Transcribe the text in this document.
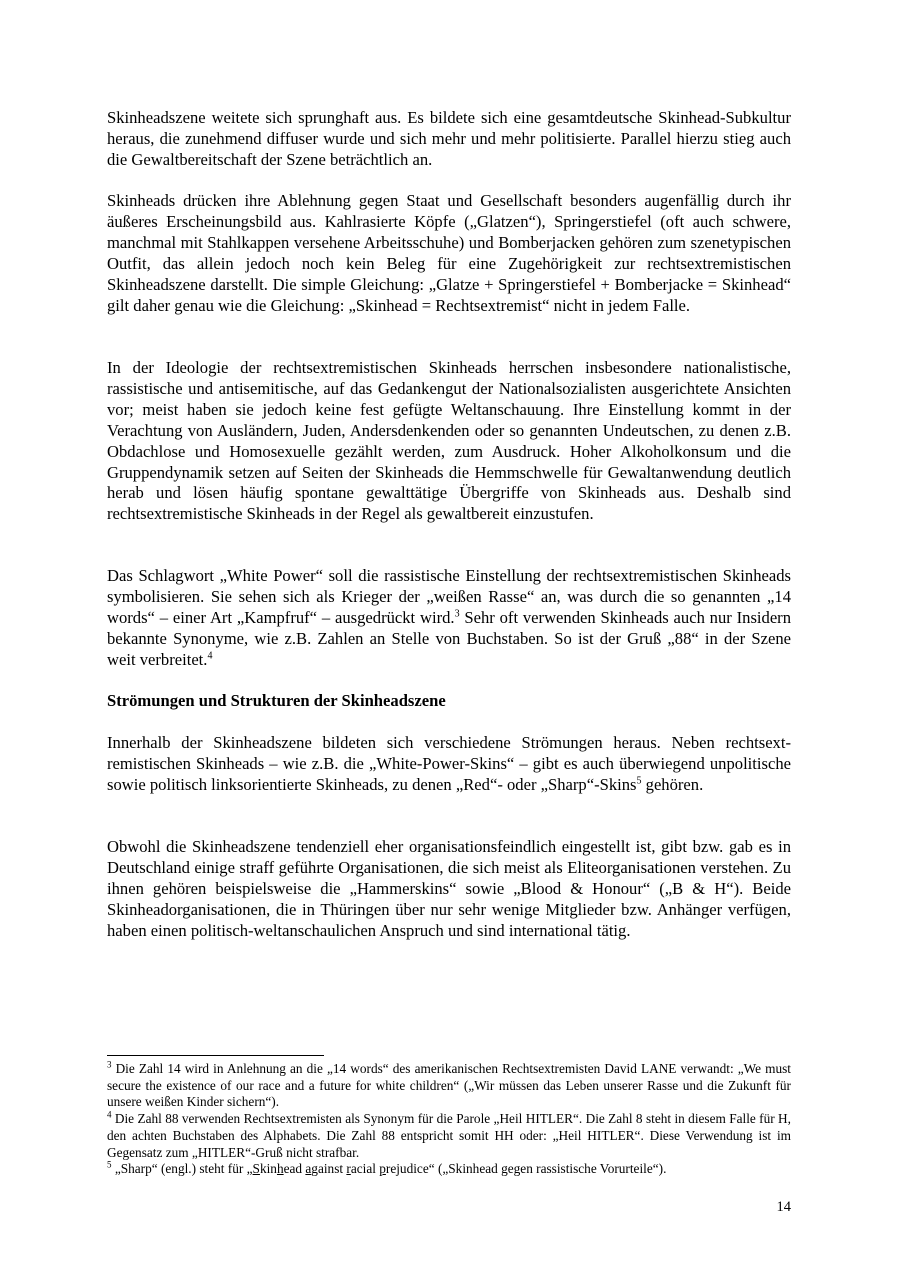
Skinheadszene weitete sich sprunghaft aus. Es bildete sich eine gesamtdeutsche Skinhead-Subkultur heraus, die zunehmend diffuser wurde und sich mehr und mehr politisierte. Parallel hierzu stieg auch die Gewaltbereitschaft der Szene beträchtlich an.

Skinheads drücken ihre Ablehnung gegen Staat und Gesellschaft besonders augenfällig durch ihr äußeres Erscheinungsbild aus. Kahlrasierte Köpfe („Glatzen“), Springerstiefel (oft auch schwere, manchmal mit Stahlkappen versehene Arbeitsschuhe) und Bomberjacken gehören zum szenetypischen Outfit, das allein jedoch noch kein Beleg für eine Zugehörigkeit zur rechtsextremistischen Skinheadszene darstellt. Die simple Gleichung: „Glatze + Springerstiefel + Bomberjacke = Skinhead“ gilt daher genau wie die Gleichung: „Skinhead = Rechtsextremist“ nicht in jedem Falle.

In der Ideologie der rechtsextremistischen Skinheads herrschen insbesondere nationalistische, rassistische und antisemitische, auf das Gedankengut der Nationalsozialisten ausgerichtete Ansichten vor; meist haben sie jedoch keine fest gefügte Weltanschauung. Ihre Einstellung kommt in der Verachtung von Ausländern, Juden, Andersdenkenden oder so genannten Undeutschen, zu denen z.B. Obdachlose und Homosexuelle gezählt werden, zum Ausdruck. Hoher Alkoholkonsum und die Gruppendynamik setzen auf Seiten der Skinheads die Hemmschwelle für Gewaltanwendung deutlich herab und lösen häufig spontane gewalttätige Übergriffe von Skinheads aus. Deshalb sind rechtsextremistische Skinheads in der Regel als gewaltbereit einzustufen.

Das Schlagwort „White Power“ soll die rassistische Einstellung der rechtsextremistischen Skinheads symbolisieren. Sie sehen sich als Krieger der „weißen Rasse“ an, was durch die so genannten „14 words“ – einer Art „Kampfruf“ – ausgedrückt wird.$^3$ Sehr oft verwenden Skinheads auch nur Insidern bekannte Synonyme, wie z.B. Zahlen an Stelle von Buchstaben. So ist der Gruß „88“ in der Szene weit verbreitet.$^4$

Strömungen und Strukturen der Skinheadszene

Innerhalb der Skinheadszene bildeten sich verschiedene Strömungen heraus. Neben rechtsextremistischen Skinheads – wie z.B. die „White-Power-Skins“ – gibt es auch überwiegend unpolitische sowie politisch linksorientierte Skinheads, zu denen „Red“- oder „Sharp“-Skins$^5$ gehören.

Obwohl die Skinheadszene tendenziell eher organisationsfeindlich eingestellt ist, gibt bzw. gab es in Deutschland einige straff geführte Organisationen, die sich meist als Eliteorganisationen verstehen. Zu ihnen gehören beispielsweise die „Hammerskins“ sowie „Blood & Honour“ („B & H“). Beide Skinheadorganisationen, die in Thüringen über nur sehr wenige Mitglieder bzw. Anhänger verfügen, haben einen politisch-weltanschaulichen Anspruch und sind international tätig.

$^3$ Die Zahl 14 wird in Anlehnung an die „14 words“ des amerikanischen Rechtsextremisten David LANE verwandt: „We must secure the existence of our race and a future for white children“ („Wir müssen das Leben unserer Rasse und die Zukunft für unsere weißen Kinder sichern“).

$^4$ Die Zahl 88 verwenden Rechtsextremisten als Synonym für die Parole „Heil HITLER“. Die Zahl 8 steht in diesem Falle für H, den achten Buchstaben des Alphabets. Die Zahl 88 entspricht somit HH oder: „Heil HITLER“. Diese Verwendung ist im Gegensatz zum „HITLER“-Gruß nicht strafbar.

$^5$ „Sharp“ (engl.) steht für „Skinhead against racial prejudice“ („Skinhead gegen rassistische Vorurteile“).

14
